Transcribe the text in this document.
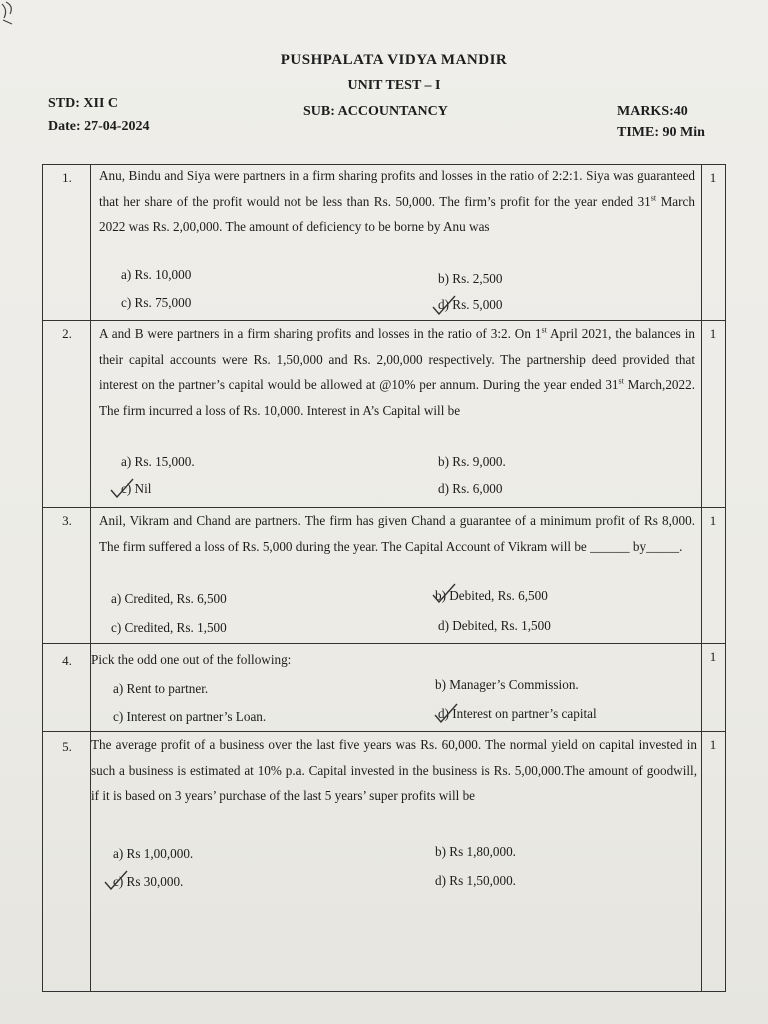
PUSHPALATA VIDYA MANDIR
UNIT TEST – I
STD: XII C
Date: 27-04-2024
SUB: ACCOUNTANCY	MARKS:40
TIME: 90 Min
1.	Anu, Bindu and Siya were partners in a firm sharing profits and losses in the ratio of 2:2:1. Siya was guaranteed that her share of the profit would not be less than Rs. 50,000. The firm’s profit for the year ended 31st March 2022 was Rs. 2,00,000. The amount of deficiency to be borne by Anu was
1
a) Rs. 10,000	b) Rs. 2,500
c) Rs. 75,000	d) Rs. 5,000
2.	A and B were partners in a firm sharing profits and losses in the ratio of 3:2. On 1st April 2021, the balances in their capital accounts were Rs. 1,50,000 and Rs. 2,00,000 respectively. The partnership deed provided that interest on the partner’s capital would be allowed at @10% per annum. During the year ended 31st March,2022. The firm incurred a loss of Rs. 10,000. Interest in A’s Capital will be
1
a) Rs. 15,000.	b) Rs. 9,000.
c) Nil	d) Rs. 6,000
3.	Anil, Vikram and Chand are partners. The firm has given Chand a guarantee of a minimum profit of Rs 8,000. The firm suffered a loss of Rs. 5,000 during the year. The Capital Account of Vikram will be ______ by_____.
1
a) Credited, Rs. 6,500	b) Debited, Rs. 6,500
c) Credited, Rs. 1,500	d) Debited, Rs. 1,500
4.	Pick the odd one out of the following:	1
a) Rent to partner.	b) Manager’s Commission.
c) Interest on partner’s Loan.	d) Interest on partner’s capital
5.	The average profit of a business over the last five years was Rs. 60,000. The normal yield on capital invested in such a business is estimated at 10% p.a. Capital invested in the business is Rs. 5,00,000.The amount of goodwill, if it is based on 3 years’ purchase of the last 5 years’ super profits will be
1
a) Rs 1,00,000.	b) Rs 1,80,000.
c) Rs 30,000.	d) Rs 1,50,000.
